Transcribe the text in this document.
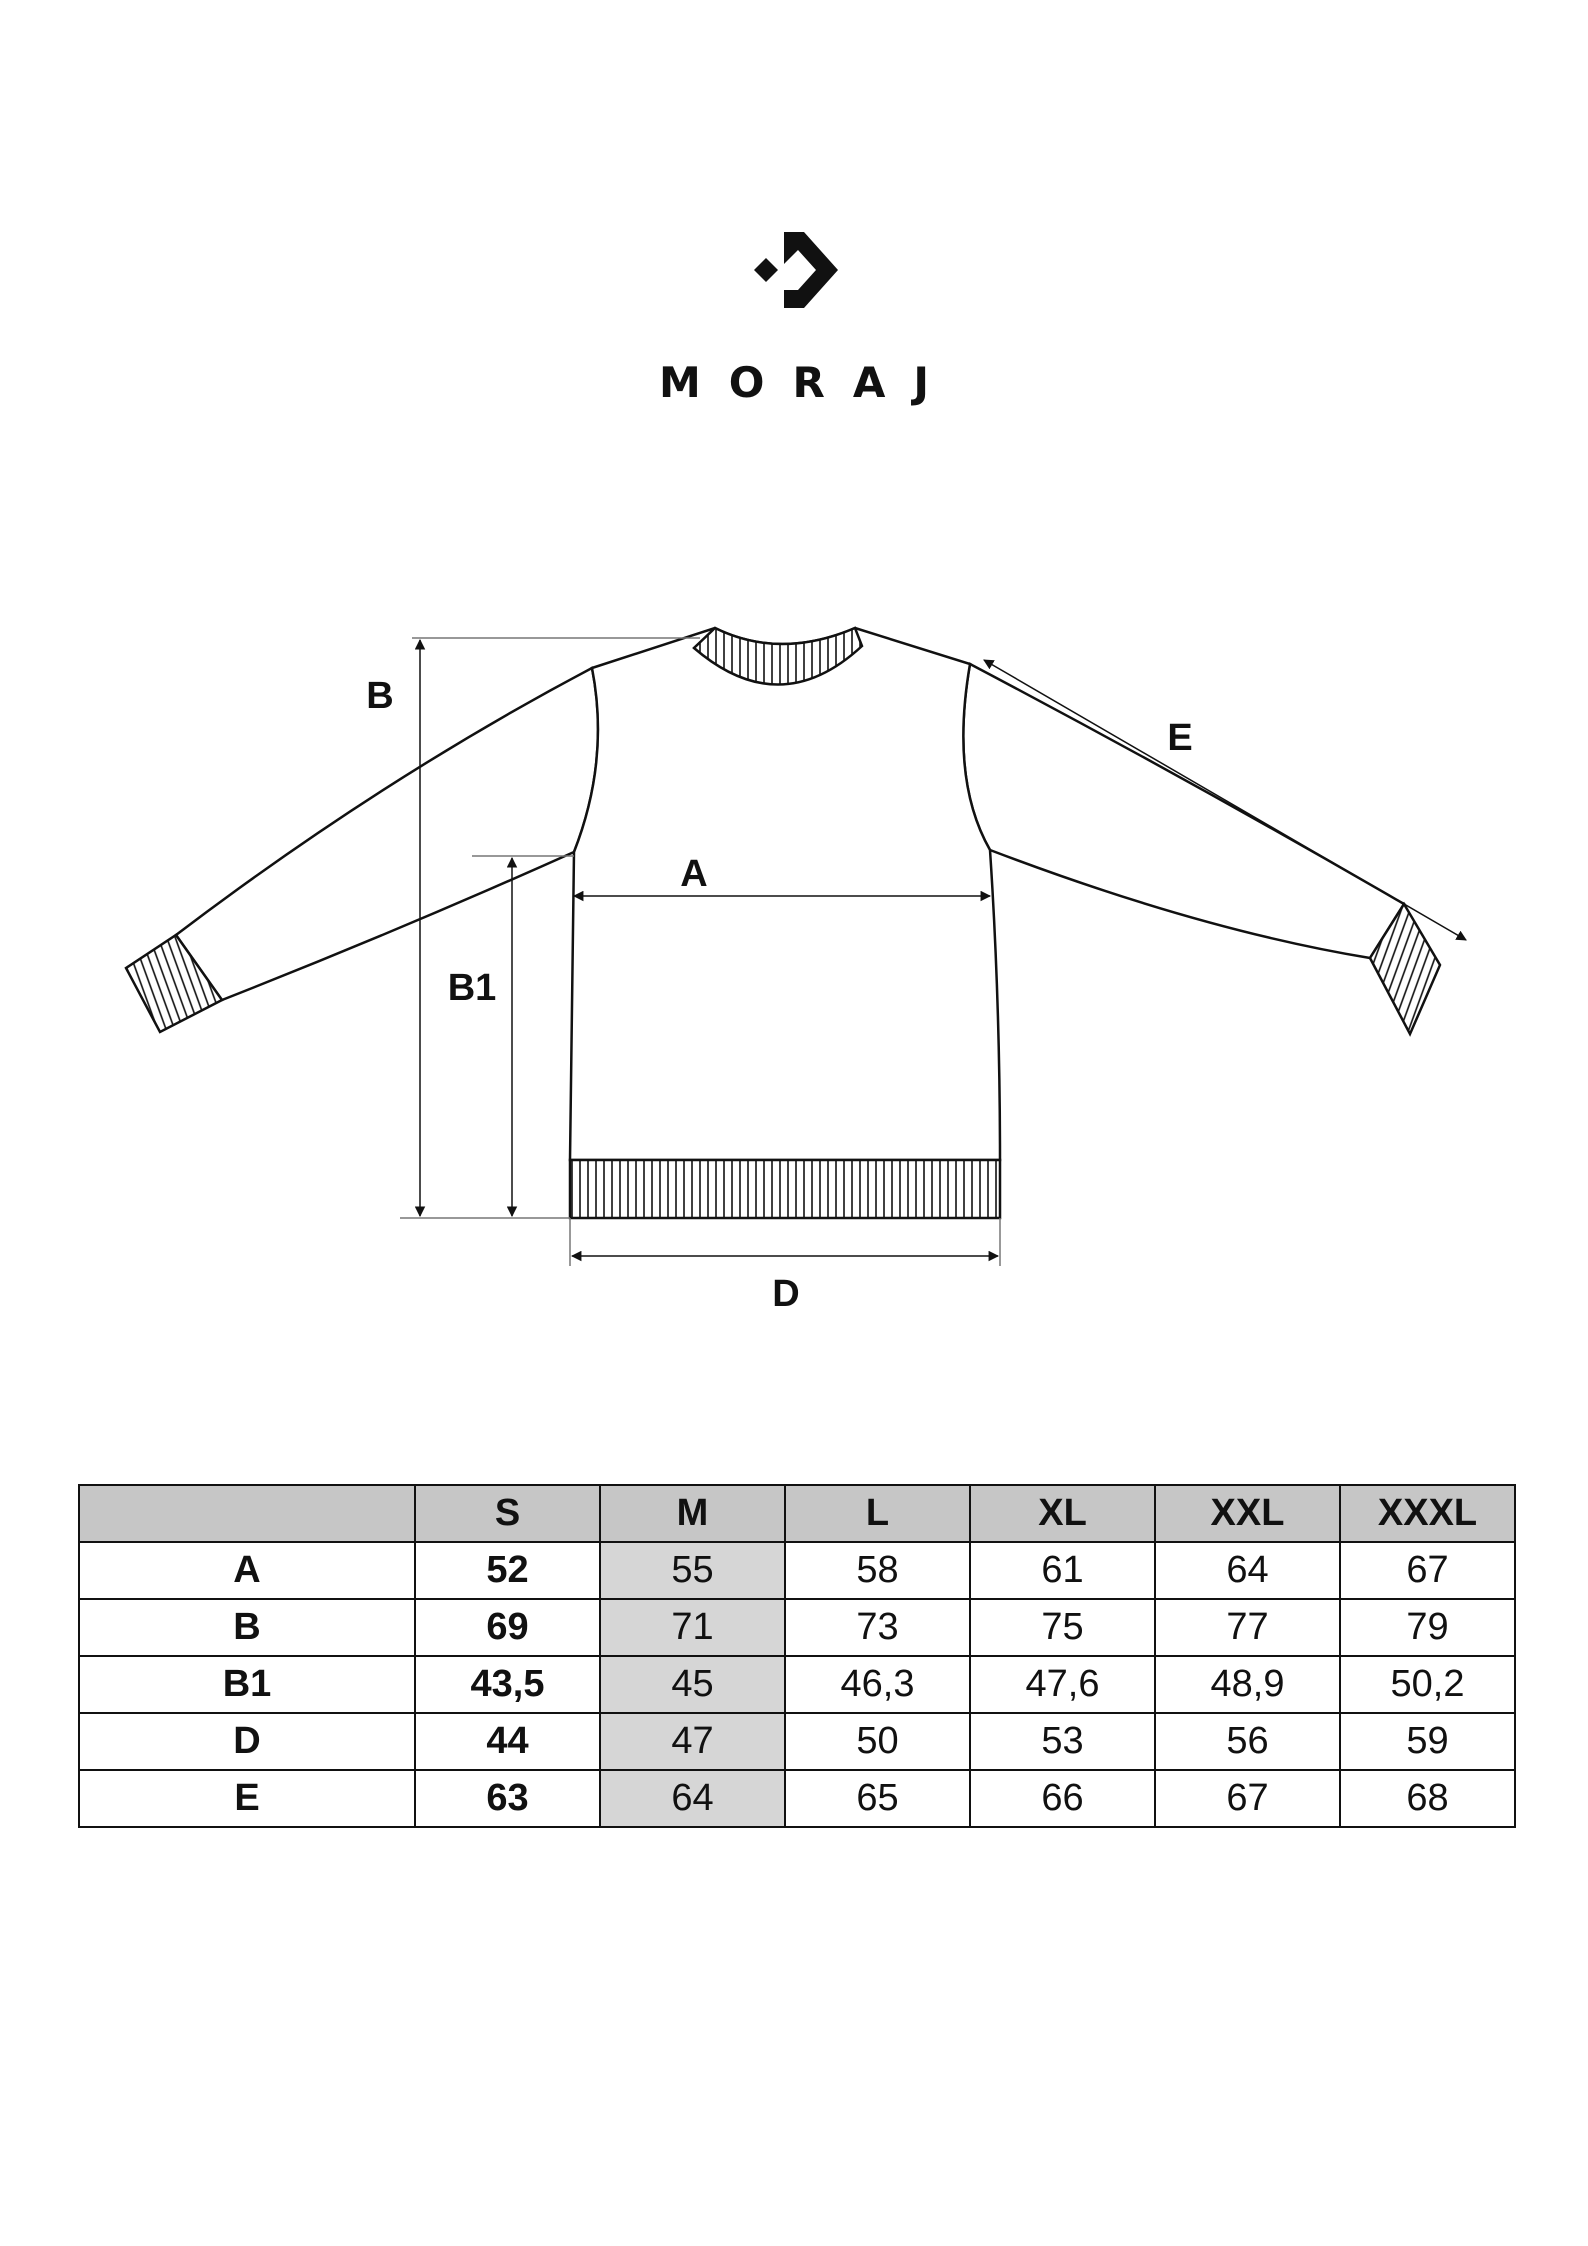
MORAJ
B
B1
A
D
E
	S	M	L	XL	XXL	XXXL
A	52	55	58	61	64	67
B	69	71	73	75	77	79
B1	43,5	45	46,3	47,6	48,9	50,2
D	44	47	50	53	56	59
E	63	64	65	66	67	68
